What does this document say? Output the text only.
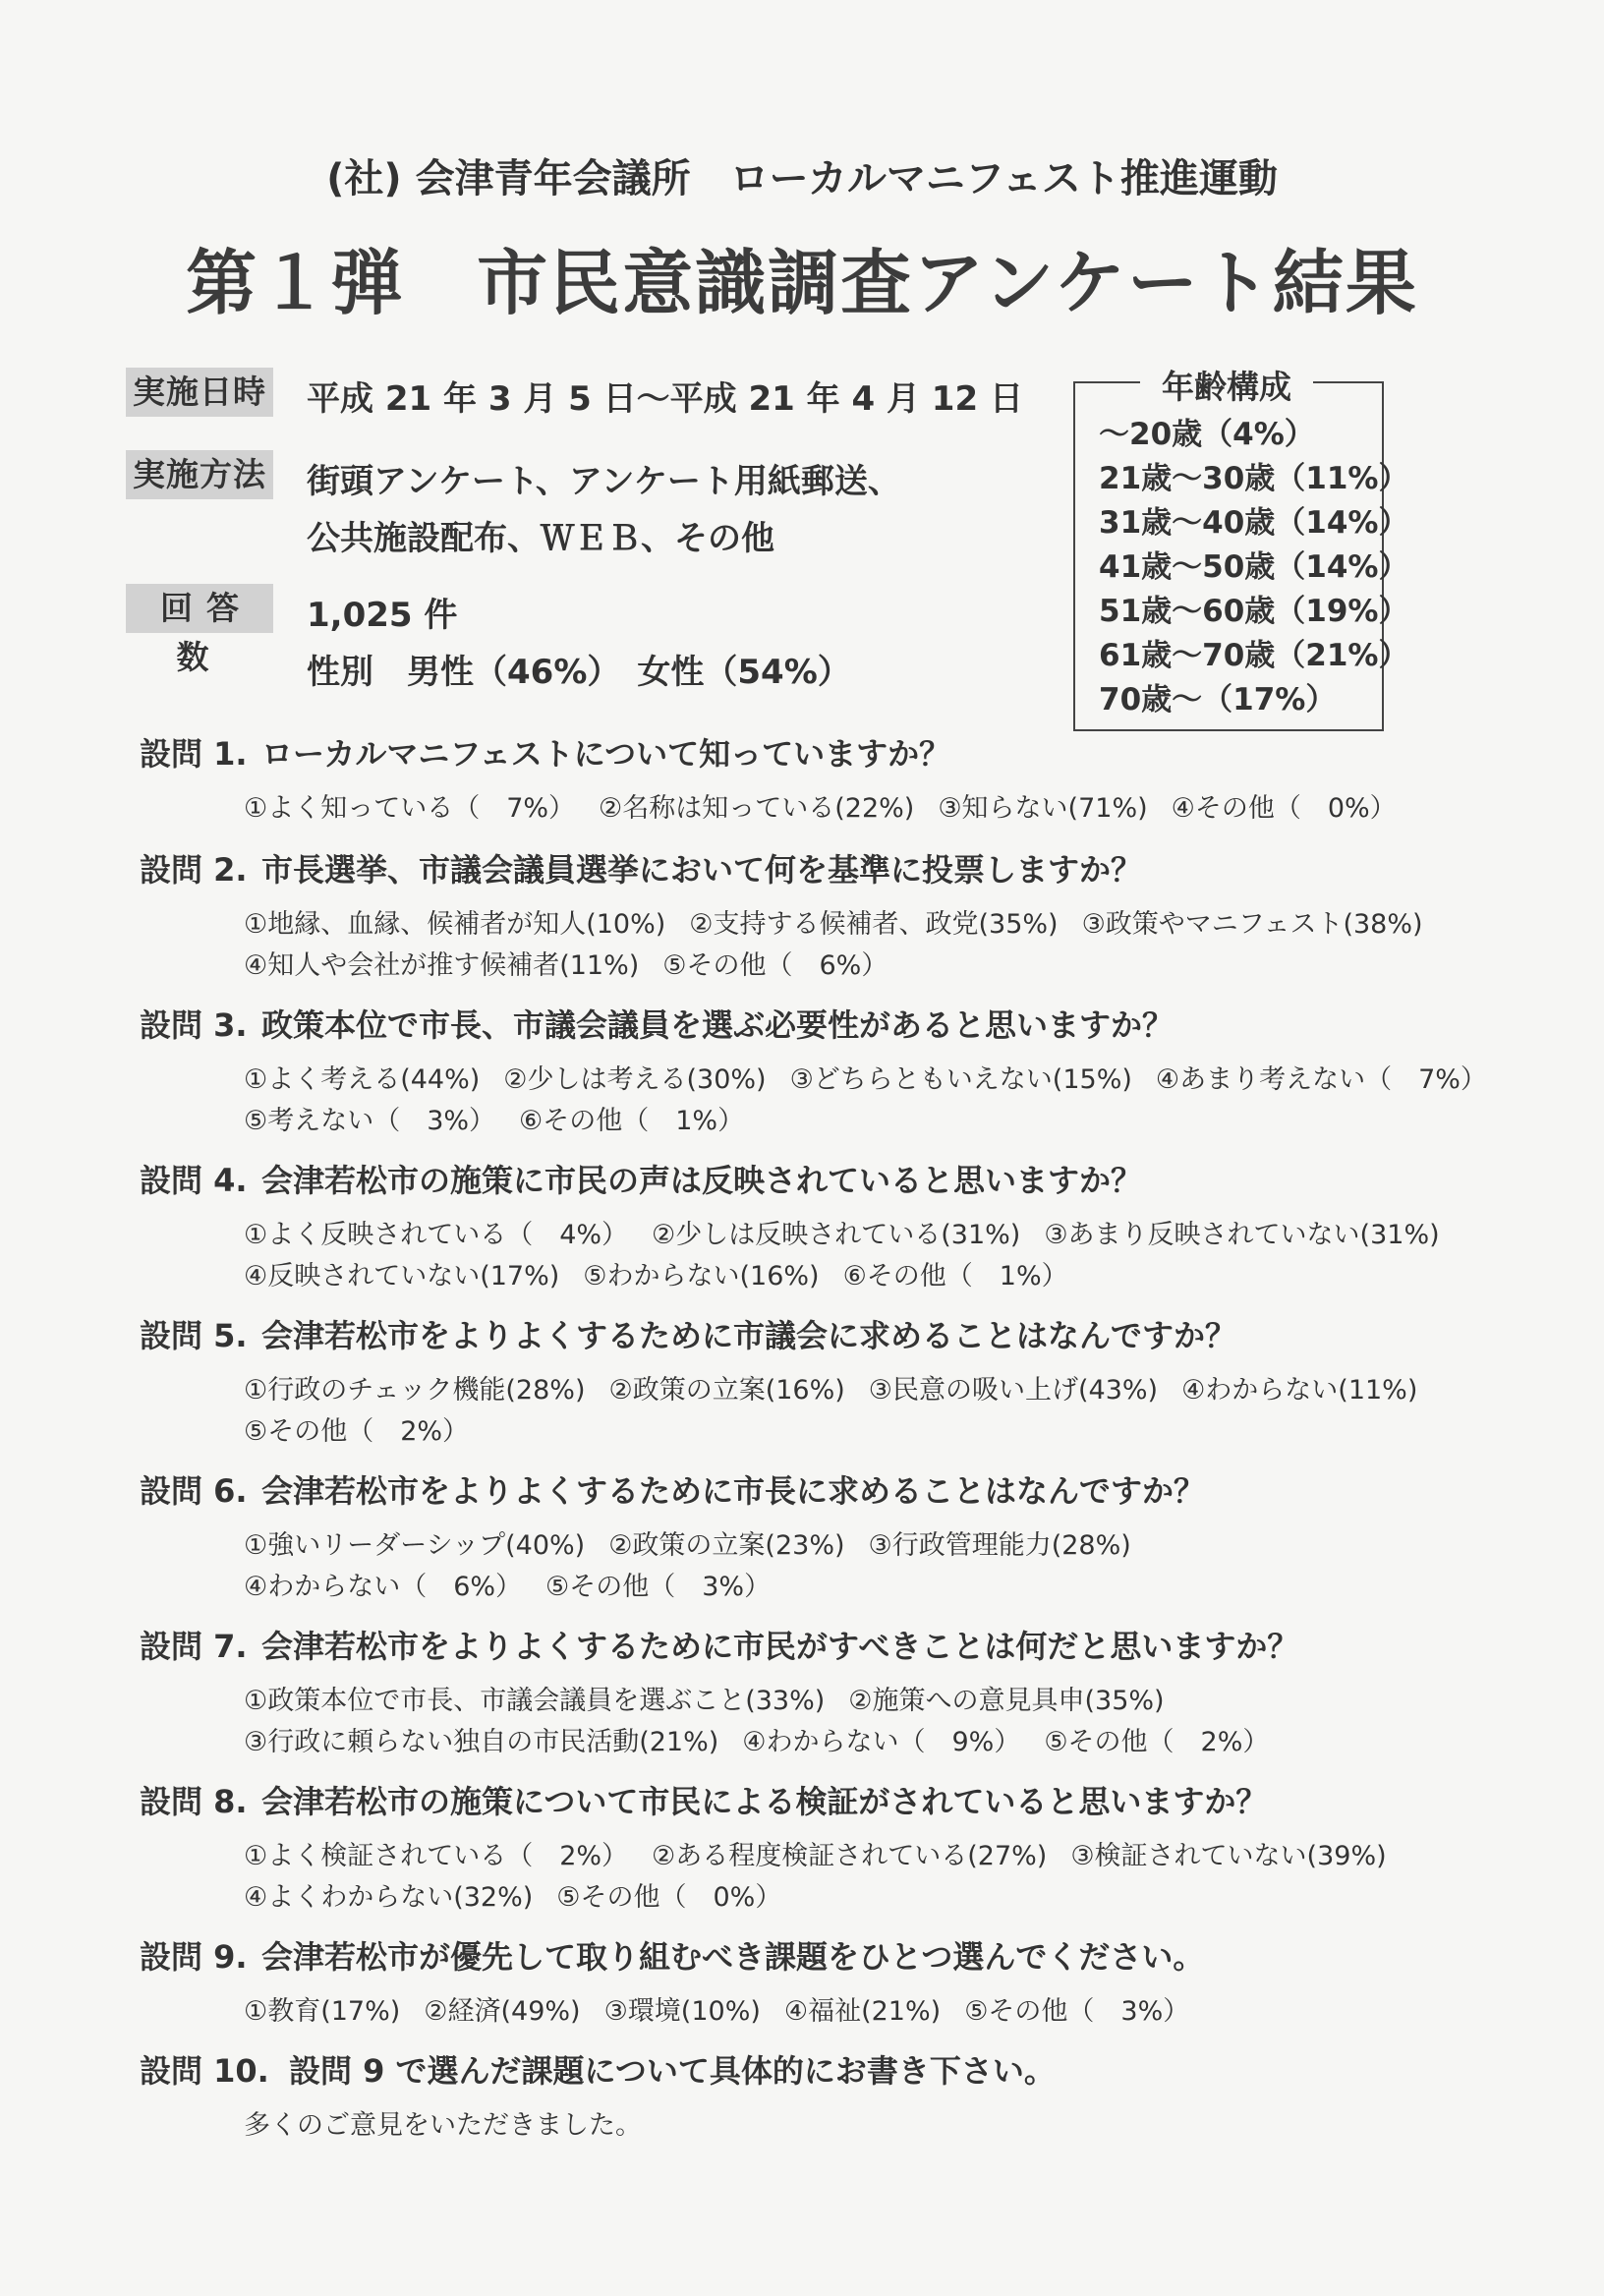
(社) 会津青年会議所　ローカルマニフェスト推進運動
第１弾　市民意識調査アンケート結果
実施日時 平成 21 年 3 月 5 日～平成 21 年 4 月 12 日
実施方法 街頭アンケート、アンケート用紙郵送、
公共施設配布、ＷＥＢ、その他
回答数
1,025 件
性別　男性（46%）　女性（54%）
年齢構成
～20歳（4%）
21歳～30歳（11%）
31歳～40歳（14%）
41歳～50歳（14%）
51歳～60歳（19%）
61歳～70歳（21%）
70歳～（17%）
設問 1. ローカルマニフェストについて知っていますか？
①よく知っている（　7%） ②名称は知っている(22%) ③知らない(71%) ④その他（　0%）
設問 2. 市長選挙、市議会議員選挙において何を基準に投票しますか？
①地縁、血縁、候補者が知人(10%) ②支持する候補者、政党(35%) ③政策やマニフェスト(38%)
④知人や会社が推す候補者(11%) ⑤その他（　6%）
設問 3. 政策本位で市長、市議会議員を選ぶ必要性があると思いますか？
①よく考える(44%) ②少しは考える(30%) ③どちらともいえない(15%) ④あまり考えない（　7%）
⑤考えない（　3%） ⑥その他（　1%）
設問 4. 会津若松市の施策に市民の声は反映されていると思いますか？
①よく反映されている（　4%） ②少しは反映されている(31%) ③あまり反映されていない(31%)
④反映されていない(17%) ⑤わからない(16%) ⑥その他（　1%）
設問 5. 会津若松市をよりよくするために市議会に求めることはなんですか？
①行政のチェック機能(28%) ②政策の立案(16%) ③民意の吸い上げ(43%) ④わからない(11%)
⑤その他（　2%）
設問 6. 会津若松市をよりよくするために市長に求めることはなんですか？
①強いリーダーシップ(40%) ②政策の立案(23%) ③行政管理能力(28%)
④わからない（　6%） ⑤その他（　3%）
設問 7. 会津若松市をよりよくするために市民がすべきことは何だと思いますか？
①政策本位で市長、市議会議員を選ぶこと(33%) ②施策への意見具申(35%)
③行政に頼らない独自の市民活動(21%) ④わからない（　9%） ⑤その他（　2%）
設問 8. 会津若松市の施策について市民による検証がされていると思いますか？
①よく検証されている（　2%） ②ある程度検証されている(27%) ③検証されていない(39%)
④よくわからない(32%) ⑤その他（　0%）
設問 9. 会津若松市が優先して取り組むべき課題をひとつ選んでください。
①教育(17%) ②経済(49%) ③環境(10%) ④福祉(21%) ⑤その他（　3%）
設問 10. 設問 9 で選んだ課題について具体的にお書き下さい。
多くのご意見をいただきました。
